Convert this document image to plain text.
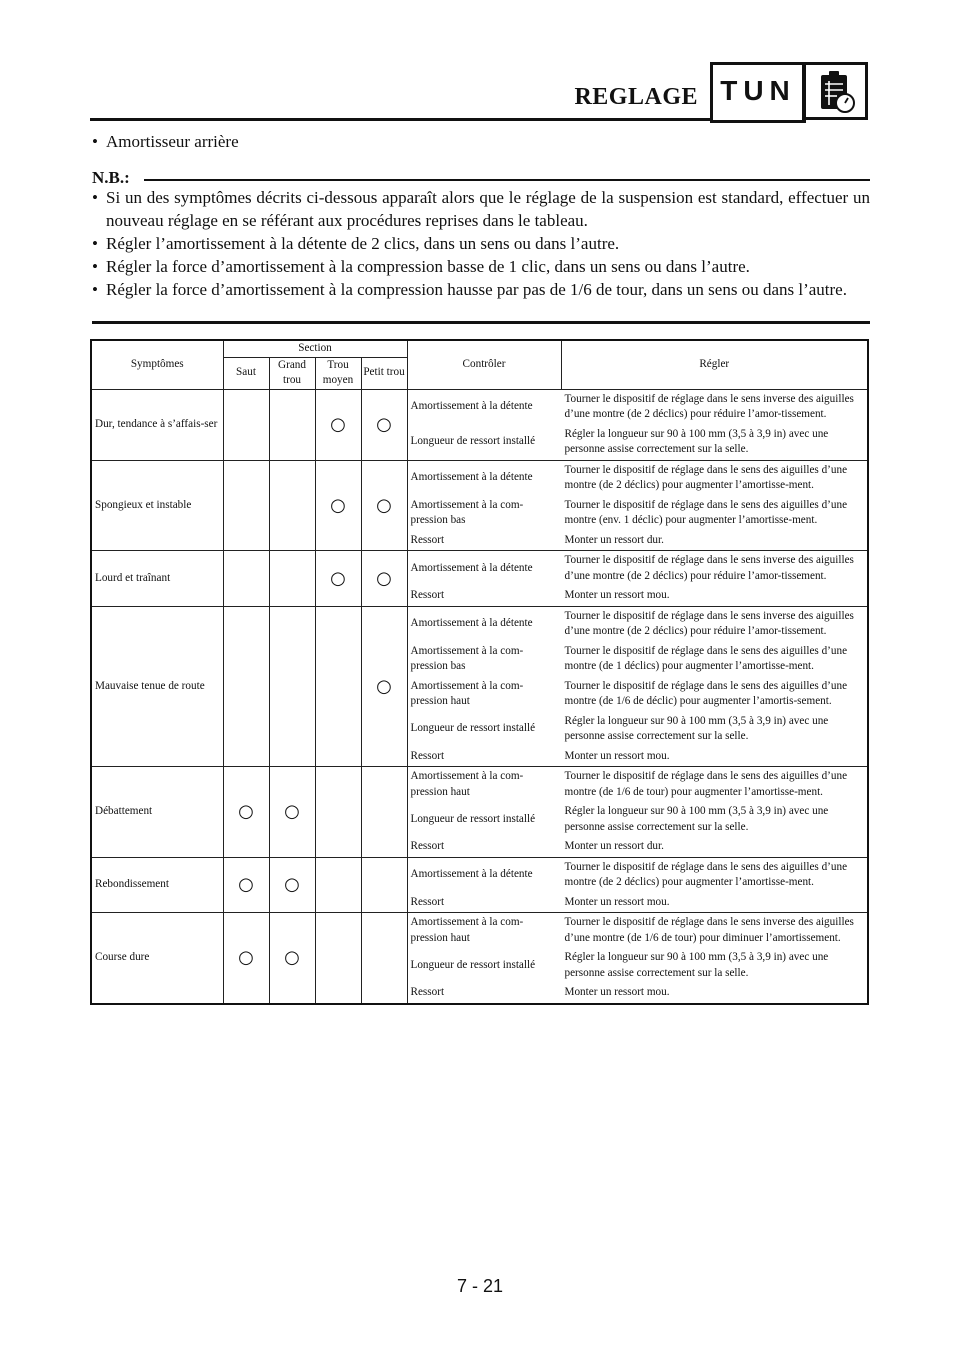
REGLAGE TUN
• Amortisseur arrière
N.B.:
• Si un des symptômes décrits ci-dessous apparaît alors que le réglage de la suspension est standard, effectuer un nouveau réglage en se référant aux procédures reprises dans le tableau.
• Régler l’amortissement à la détente de 2 clics, dans un sens ou dans l’autre.
• Régler la force d’amortissement à la compression basse de 1 clic, dans un sens ou dans l’autre.
• Régler la force d’amortissement à la compression hausse par pas de 1/6 de tour, dans un sens ou dans l’autre.
Symptômes	Section	Contrôler	Régler
Saut	Grand trou	Trou moyen	Petit trou
Dur, tendance à s’affais-ser			○	○	
Amortissement à la détente	Tourner le dispositif de réglage dans le sens inverse des aiguilles d’une montre (de 2 déclics) pour réduire l’amor-tissement.
Longueur de ressort installé	Régler la longueur sur 90 à 100 mm (3,5 à 3,9 in) avec une personne assise correctement sur la selle.

Spongieux et instable			○	○	
Amortissement à la détente	Tourner le dispositif de réglage dans le sens des aiguilles d’une montre (de 2 déclics) pour augmenter l’amortisse-ment.
Amortissement à la com-pression bas	Tourner le dispositif de réglage dans le sens des aiguilles d’une montre (env. 1 déclic) pour augmenter l’amortisse-ment.
Ressort	Monter un ressort dur.

Lourd et traînant			○	○	Amortissement à la détente	Tourner le dispositif de réglage dans le sens inverse des aiguilles d’une montre (de 2 déclics) pour réduire l’amor-tissement.
Ressort	Monter un ressort mou.

Mauvaise tenue de route				○	
Amortissement à la détente	Tourner le dispositif de réglage dans le sens inverse des aiguilles d’une montre (de 2 déclics) pour réduire l’amor-tissement.
Amortissement à la com-pression bas	Tourner le dispositif de réglage dans le sens des aiguilles d’une montre (de 1 déclics) pour augmenter l’amortisse-ment.
Amortissement à la com-pression haut	Tourner le dispositif de réglage dans le sens des aiguilles d’une montre (de 1/6 de déclic) pour augmenter l’amortis-sement.
Longueur de ressort installé	Régler la longueur sur 90 à 100 mm (3,5 à 3,9 in) avec une personne assise correctement sur la selle.
Ressort	Monter un ressort mou.

Débattement	○	○			
Amortissement à la com-pression haut	Tourner le dispositif de réglage dans le sens des aiguilles d’une montre (de 1/6 de tour) pour augmenter l’amortisse-ment.
Longueur de ressort installé	Régler la longueur sur 90 à 100 mm (3,5 à 3,9 in) avec une personne assise correctement sur la selle.
Ressort	Monter un ressort dur.

Rebondissement	○	○				Amortissement à la détente	Tourner le dispositif de réglage dans le sens des aiguilles d’une montre (de 2 déclics) pour augmenter l’amortisse-ment.
Ressort	Monter un ressort mou.

Course dure	○	○			
Amortissement à la com-pression haut	Tourner le dispositif de réglage dans le sens inverse des aiguilles d’une montre (de 1/6 de tour) pour diminuer l’amortissement.
Longueur de ressort installé	Régler la longueur sur 90 à 100 mm (3,5 à 3,9 in) avec une personne assise correctement sur la selle.
Ressort	Monter un ressort mou.
7 - 21
